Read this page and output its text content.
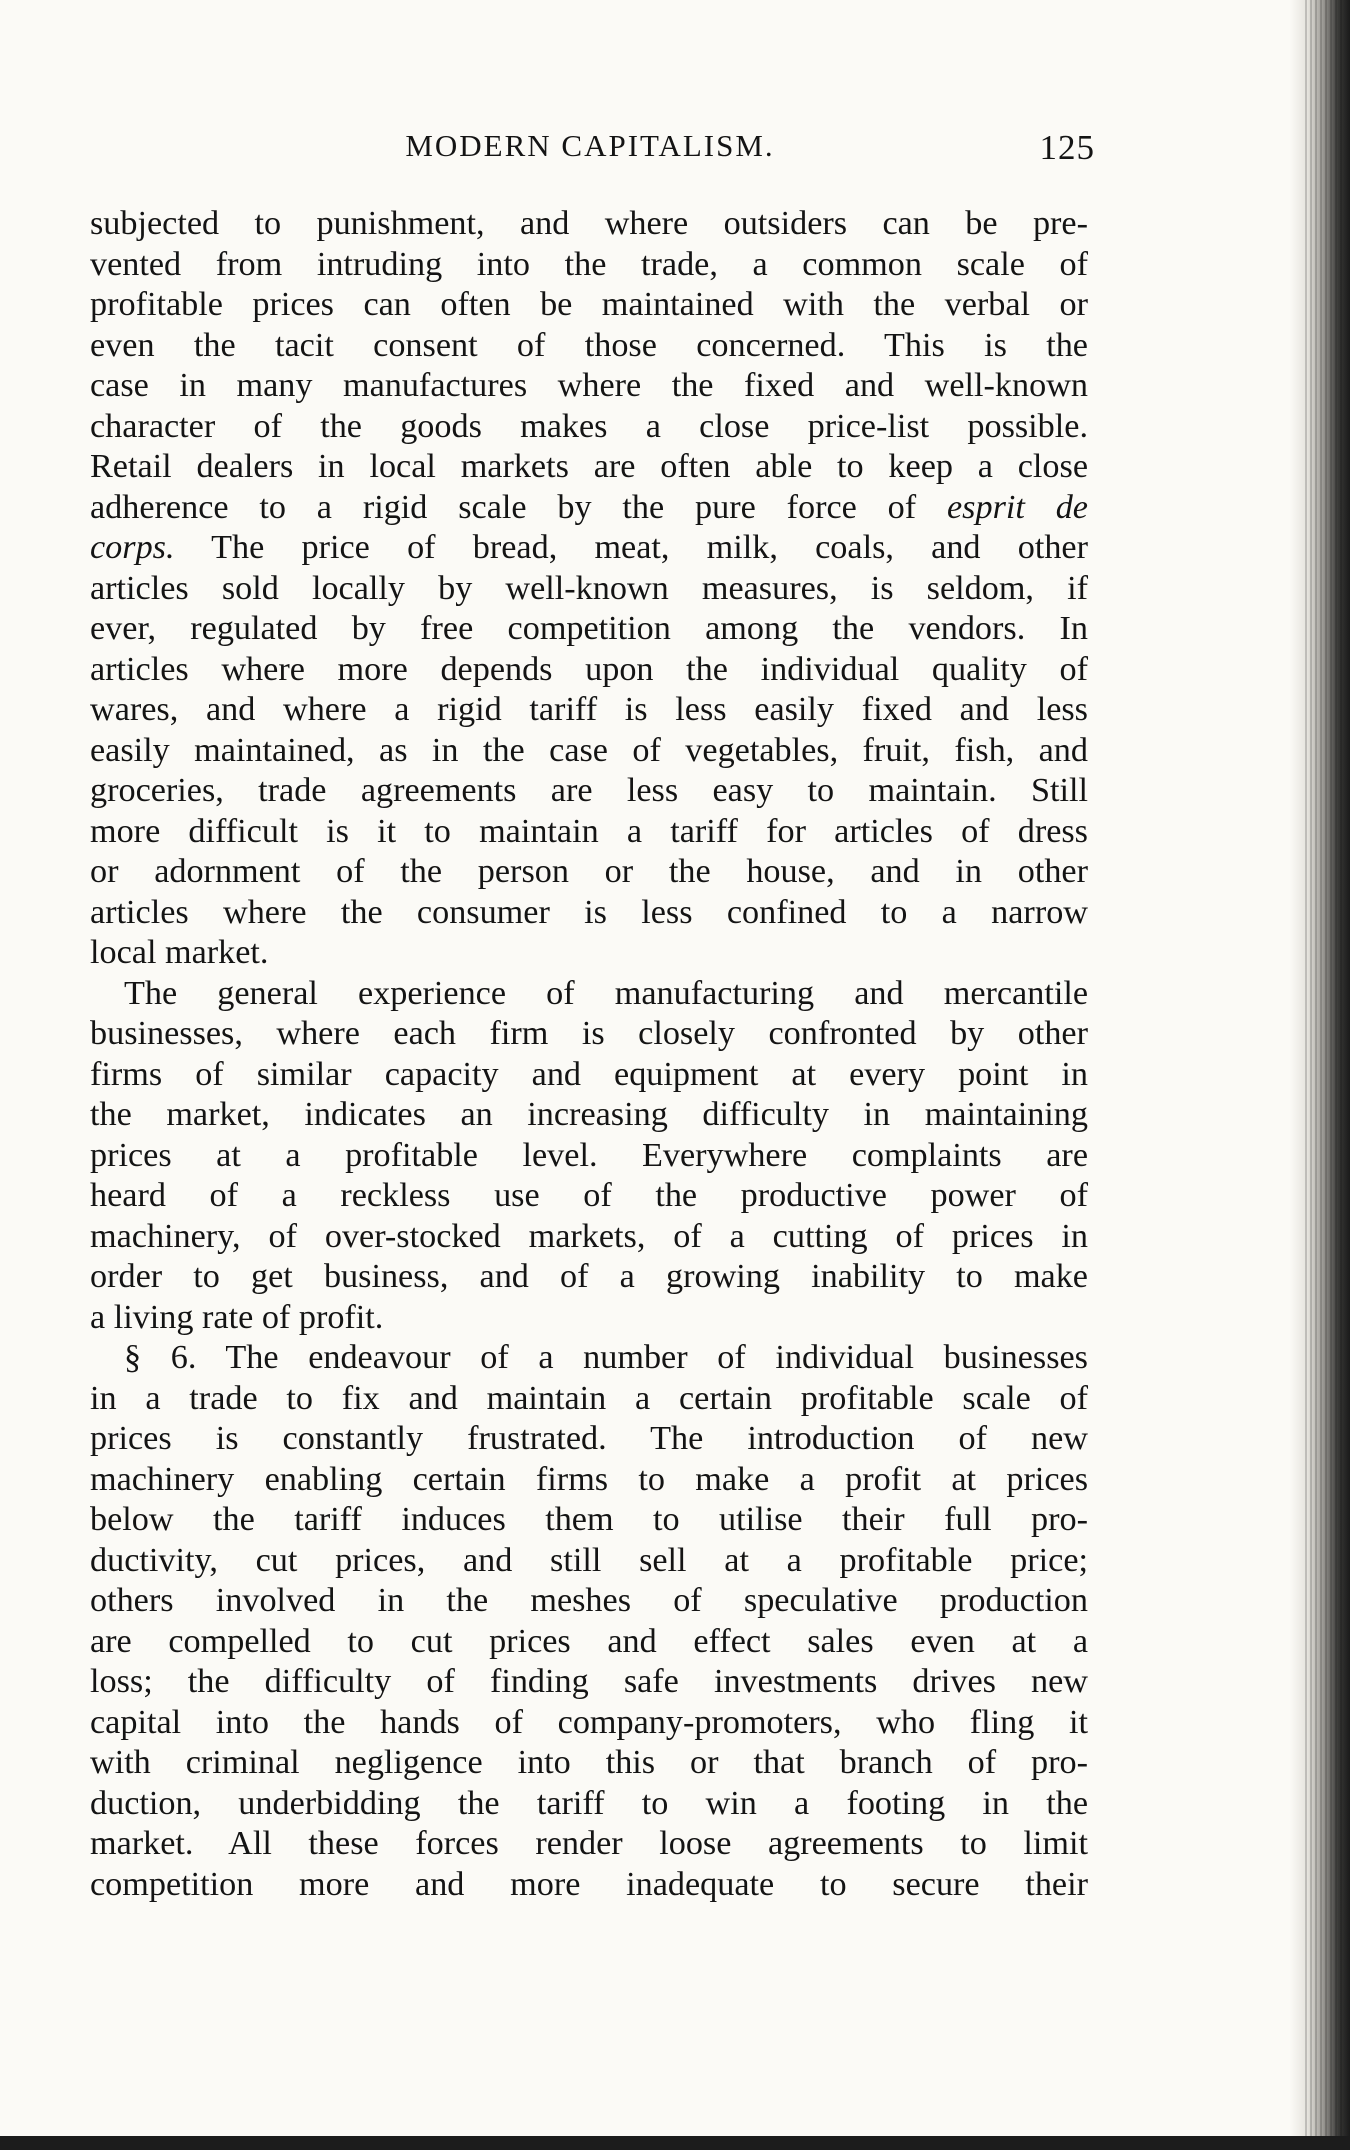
MODERN CAPITALISM.	125
subjected to punishment, and where outsiders can be pre-
vented from intruding into the trade, a common scale of
profitable prices can often be maintained with the verbal or
even the tacit consent of those concerned. This is the
case in many manufactures where the fixed and well-known
character of the goods makes a close price-list possible.
Retail dealers in local markets are often able to keep a close
adherence to a rigid scale by the pure force of esprit de
corps. The price of bread, meat, milk, coals, and other
articles sold locally by well-known measures, is seldom, if
ever, regulated by free competition among the vendors. In
articles where more depends upon the individual quality of
wares, and where a rigid tariff is less easily fixed and less
easily maintained, as in the case of vegetables, fruit, fish, and
groceries, trade agreements are less easy to maintain. Still
more difficult is it to maintain a tariff for articles of dress
or adornment of the person or the house, and in other
articles where the consumer is less confined to a narrow
local market.
The general experience of manufacturing and mercantile
businesses, where each firm is closely confronted by other
firms of similar capacity and equipment at every point in
the market, indicates an increasing difficulty in maintaining
prices at a profitable level. Everywhere complaints are
heard of a reckless use of the productive power of
machinery, of over-stocked markets, of a cutting of prices in
order to get business, and of a growing inability to make
a living rate of profit.
§ 6. The endeavour of a number of individual businesses
in a trade to fix and maintain a certain profitable scale of
prices is constantly frustrated. The introduction of new
machinery enabling certain firms to make a profit at prices
below the tariff induces them to utilise their full pro-
ductivity, cut prices, and still sell at a profitable price;
others involved in the meshes of speculative production
are compelled to cut prices and effect sales even at a
loss; the difficulty of finding safe investments drives new
capital into the hands of company-promoters, who fling it
with criminal negligence into this or that branch of pro-
duction, underbidding the tariff to win a footing in the
market. All these forces render loose agreements to limit
competition more and more inadequate to secure their
